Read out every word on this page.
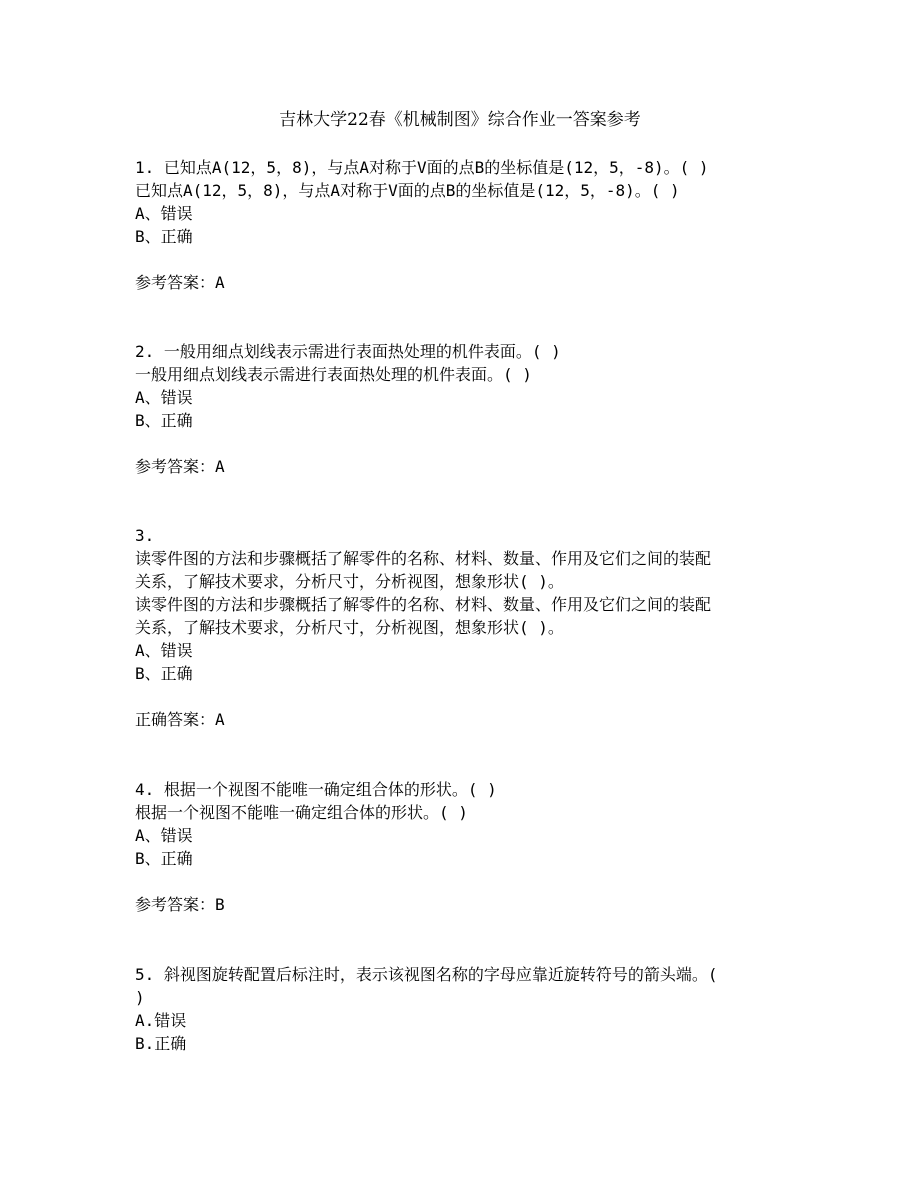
吉林大学22春《机械制图》综合作业一答案参考

1. 已知点A(12，5，8)，与点A对称于V面的点B的坐标值是(12，5，-8)。( )

已知点A(12，5，8)，与点A对称于V面的点B的坐标值是(12，5，-8)。( )

A、错误

B、正确

参考答案：A

2. 一般用细点划线表示需进行表面热处理的机件表面。( )

一般用细点划线表示需进行表面热处理的机件表面。( )

A、错误

B、正确

参考答案：A

3.

读零件图的方法和步骤概括了解零件的名称、材料、数量、作用及它们之间的装配

关系，了解技术要求，分析尺寸，分析视图，想象形状( )。

读零件图的方法和步骤概括了解零件的名称、材料、数量、作用及它们之间的装配

关系，了解技术要求，分析尺寸，分析视图，想象形状( )。

A、错误

B、正确

正确答案：A

4. 根据一个视图不能唯一确定组合体的形状。( )

根据一个视图不能唯一确定组合体的形状。( )

A、错误

B、正确

参考答案：B

5. 斜视图旋转配置后标注时，表示该视图名称的字母应靠近旋转符号的箭头端。(

)

A.错误

B.正确
